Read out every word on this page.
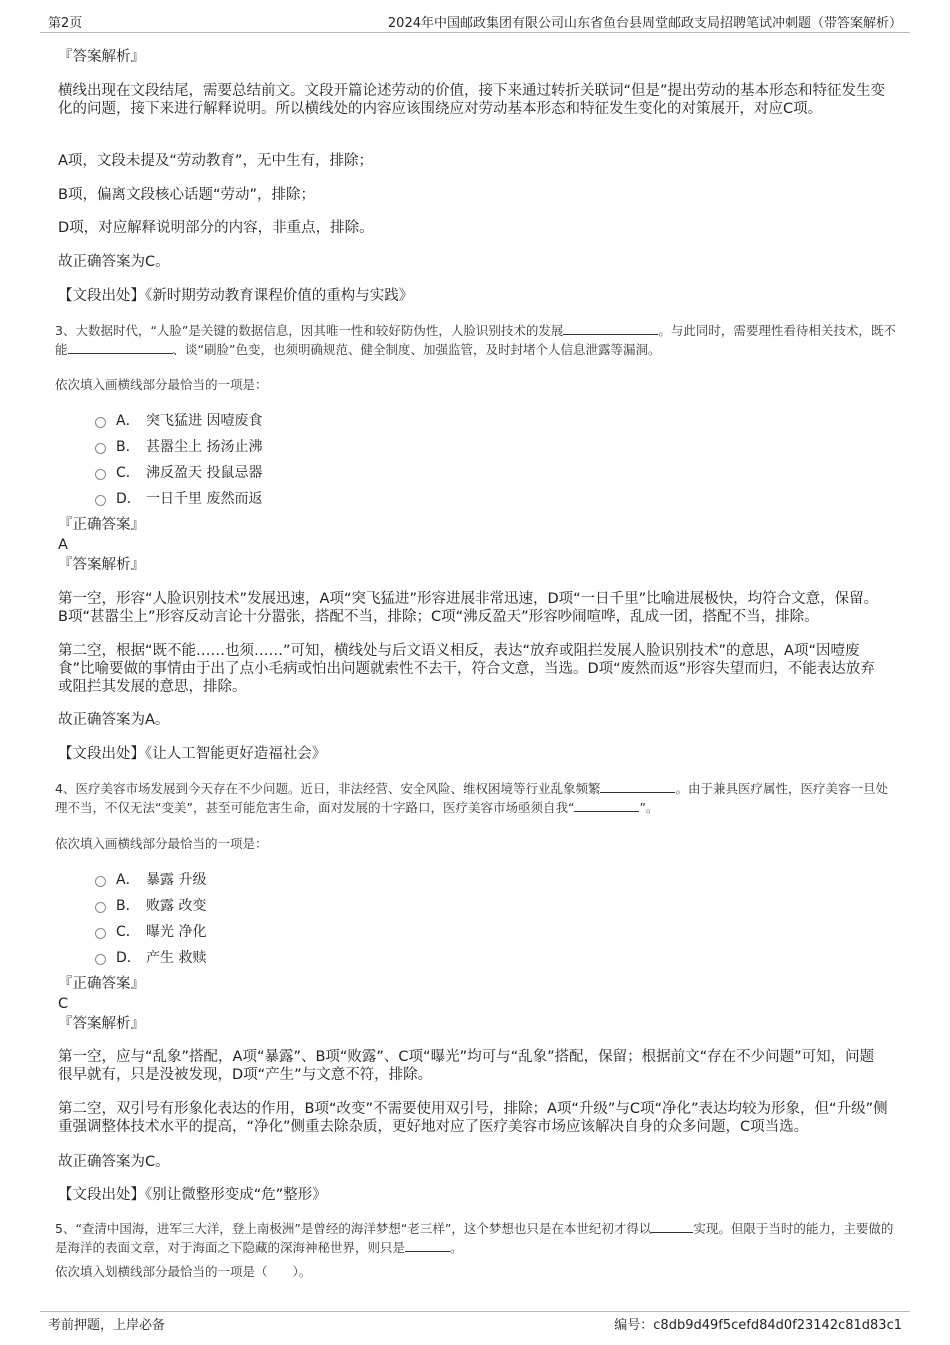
第2页	2024年中国邮政集团有限公司山东省鱼台县周堂邮政支局招聘笔试冲刺题（带答案解析）
『答案解析』
横线出现在文段结尾，需要总结前文。文段开篇论述劳动的价值，接下来通过转折关联词“但是”提出劳动的基本形态和特征发生变化的问题，接下来进行解释说明。所以横线处的内容应该围绕应对劳动基本形态和特征发生变化的对策展开，对应C项。
A项，文段未提及“劳动教育”，无中生有，排除；
B项，偏离文段核心话题“劳动”，排除；
D项，对应解释说明部分的内容，非重点，排除。
故正确答案为C。
【文段出处】《新时期劳动教育课程价值的重构与实践》
3、大数据时代，“人脸”是关键的数据信息，因其唯一性和较好防伪性，人脸识别技术的发展	。与此同时，需要理性看待相关技术，既不能	、谈“刷脸”色变，也须明确规范、健全制度、加强监管，及时封堵个人信息泄露等漏洞。
依次填入画横线部分最恰当的一项是：
A． 突飞猛进 因噎废食
B． 甚嚣尘上 扬汤止沸
C． 沸反盈天 投鼠忌器
D． 一日千里 废然而返
『正确答案』
A
『答案解析』
第一空，形容“人脸识别技术”发展迅速，A项“突飞猛进”形容进展非常迅速，D项“一日千里”比喻进展极快，均符合文意，保留。B项“甚嚣尘上”形容反动言论十分嚣张，搭配不当，排除；C项“沸反盈天”形容吵闹喧哗，乱成一团，搭配不当，排除。
第二空，根据“既不能……也须……”可知，横线处与后文语义相反，表达“放弃或阻拦发展人脸识别技术”的意思，A项“因噎废食”比喻要做的事情由于出了点小毛病或怕出问题就索性不去干，符合文意，当选。D项“废然而返”形容失望而归，不能表达放弃或阻拦其发展的意思，排除。
故正确答案为A。
【文段出处】《让人工智能更好造福社会》
4、医疗美容市场发展到今天存在不少问题。近日，非法经营、安全风险、维权困境等行业乱象频繁	。由于兼具医疗属性，医疗美容一旦处理不当，不仅无法“变美”，甚至可能危害生命，面对发展的十字路口，医疗美容市场亟须自我“	”。
依次填入画横线部分最恰当的一项是：
A． 暴露 升级
B． 败露 改变
C． 曝光 净化
D． 产生 救赎
『正确答案』
C
『答案解析』
第一空，应与“乱象”搭配，A项“暴露”、B项“败露”、C项“曝光”均可与“乱象”搭配，保留；根据前文“存在不少问题”可知，问题很早就有，只是没被发现，D项“产生”与文意不符，排除。
第二空，双引号有形象化表达的作用，B项“改变”不需要使用双引号，排除；A项“升级”与C项“净化”表达均较为形象，但“升级”侧重强调整体技术水平的提高，“净化”侧重去除杂质，更好地对应了医疗美容市场应该解决自身的众多问题，C项当选。
故正确答案为C。
【文段出处】《别让微整形变成“危”整形》
5、“查清中国海，进军三大洋，登上南极洲”是曾经的海洋梦想“老三样”，这个梦想也只是在本世纪初才得以	实现。但限于当时的能力，主要做的是海洋的表面文章，对于海面之下隐藏的深海神秘世界，则只是	。
依次填入划横线部分最恰当的一项是（　　）。
考前押题，上岸必备	编号：c8db9d49f5cefd84d0f23142c81d83c1
